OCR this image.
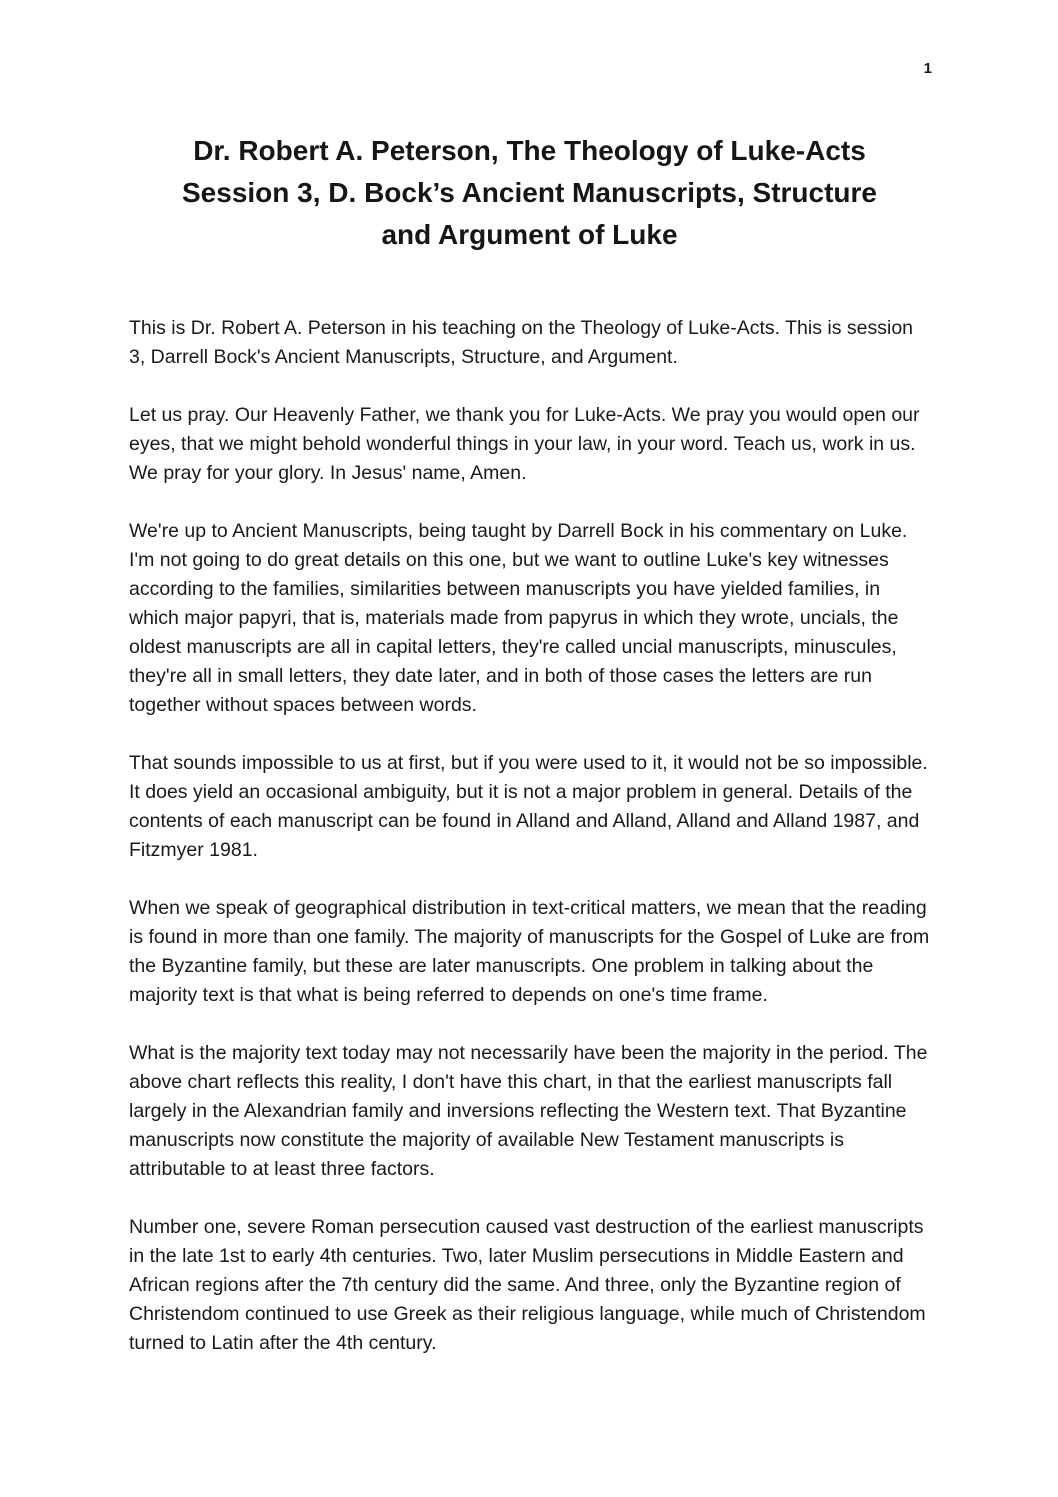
1
Dr. Robert A. Peterson, The Theology of Luke-Acts
Session 3, D. Bock’s Ancient Manuscripts, Structure
and Argument of Luke

This is Dr. Robert A. Peterson in his teaching on the Theology of Luke-Acts. This is session 3, Darrell Bock's Ancient Manuscripts, Structure, and Argument.

Let us pray. Our Heavenly Father, we thank you for Luke-Acts. We pray you would open our eyes, that we might behold wonderful things in your law, in your word. Teach us, work in us. We pray for your glory. In Jesus' name, Amen.

We're up to Ancient Manuscripts, being taught by Darrell Bock in his commentary on Luke. I'm not going to do great details on this one, but we want to outline Luke's key witnesses according to the families, similarities between manuscripts you have yielded families, in which major papyri, that is, materials made from papyrus in which they wrote, uncials, the oldest manuscripts are all in capital letters, they're called uncial manuscripts, minuscules, they're all in small letters, they date later, and in both of those cases the letters are run together without spaces between words.

That sounds impossible to us at first, but if you were used to it, it would not be so impossible. It does yield an occasional ambiguity, but it is not a major problem in general. Details of the contents of each manuscript can be found in Alland and Alland, Alland and Alland 1987, and Fitzmyer 1981.

When we speak of geographical distribution in text-critical matters, we mean that the reading is found in more than one family. The majority of manuscripts for the Gospel of Luke are from the Byzantine family, but these are later manuscripts. One problem in talking about the majority text is that what is being referred to depends on one's time frame.

What is the majority text today may not necessarily have been the majority in the period. The above chart reflects this reality, I don't have this chart, in that the earliest manuscripts fall largely in the Alexandrian family and inversions reflecting the Western text. That Byzantine manuscripts now constitute the majority of available New Testament manuscripts is attributable to at least three factors.

Number one, severe Roman persecution caused vast destruction of the earliest manuscripts in the late 1st to early 4th centuries. Two, later Muslim persecutions in Middle Eastern and African regions after the 7th century did the same. And three, only the Byzantine region of Christendom continued to use Greek as their religious language, while much of Christendom turned to Latin after the 4th century.
